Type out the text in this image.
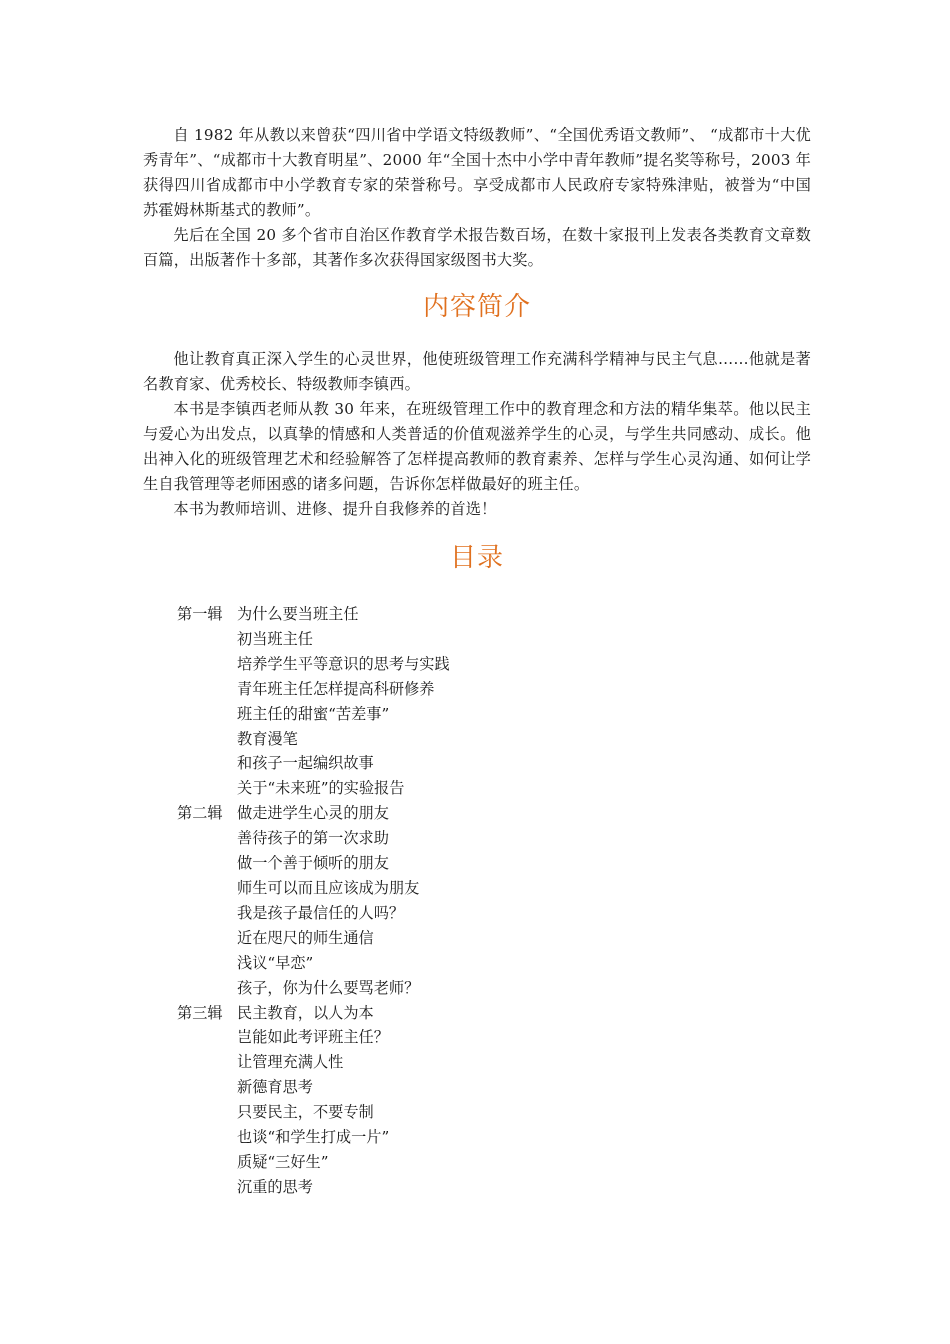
自 1982 年从教以来曾获“四川省中学语文特级教师”、“全国优秀语文教师”、 “成都市十大优秀青年”、“成都市十大教育明星”、2000 年“全国十杰中小学中青年教师”提名奖等称号，2003 年获得四川省成都市中小学教育专家的荣誉称号。享受成都市人民政府专家特殊津贴，被誉为“中国苏霍姆林斯基式的教师”。

先后在全国 20 多个省市自治区作教育学术报告数百场，在数十家报刊上发表各类教育文章数百篇，出版著作十多部，其著作多次获得国家级图书大奖。

内容简介

他让教育真正深入学生的心灵世界，他使班级管理工作充满科学精神与民主气息……他就是著名教育家、优秀校长、特级教师李镇西。

本书是李镇西老师从教 30 年来，在班级管理工作中的教育理念和方法的精华集萃。他以民主与爱心为出发点，以真挚的情感和人类普适的价值观滋养学生的心灵，与学生共同感动、成长。他出神入化的班级管理艺术和经验解答了怎样提高教师的教育素养、怎样与学生心灵沟通、如何让学生自我管理等老师困惑的诸多问题，告诉你怎样做最好的班主任。

本书为教师培训、进修、提升自我修养的首选！

目录
第一辑 为什么要当班主任
初当班主任
培养学生平等意识的思考与实践
青年班主任怎样提高科研修养
班主任的甜蜜“苦差事”
教育漫笔
和孩子一起编织故事
关于“未来班”的实验报告
第二辑 做走进学生心灵的朋友
善待孩子的第一次求助
做一个善于倾听的朋友
师生可以而且应该成为朋友
我是孩子最信任的人吗？
近在咫尺的师生通信
浅议“早恋”
孩子，你为什么要骂老师？
第三辑 民主教育，以人为本
岂能如此考评班主任？
让管理充满人性
新德育思考
只要民主，不要专制
也谈“和学生打成一片”
质疑“三好生”
沉重的思考
